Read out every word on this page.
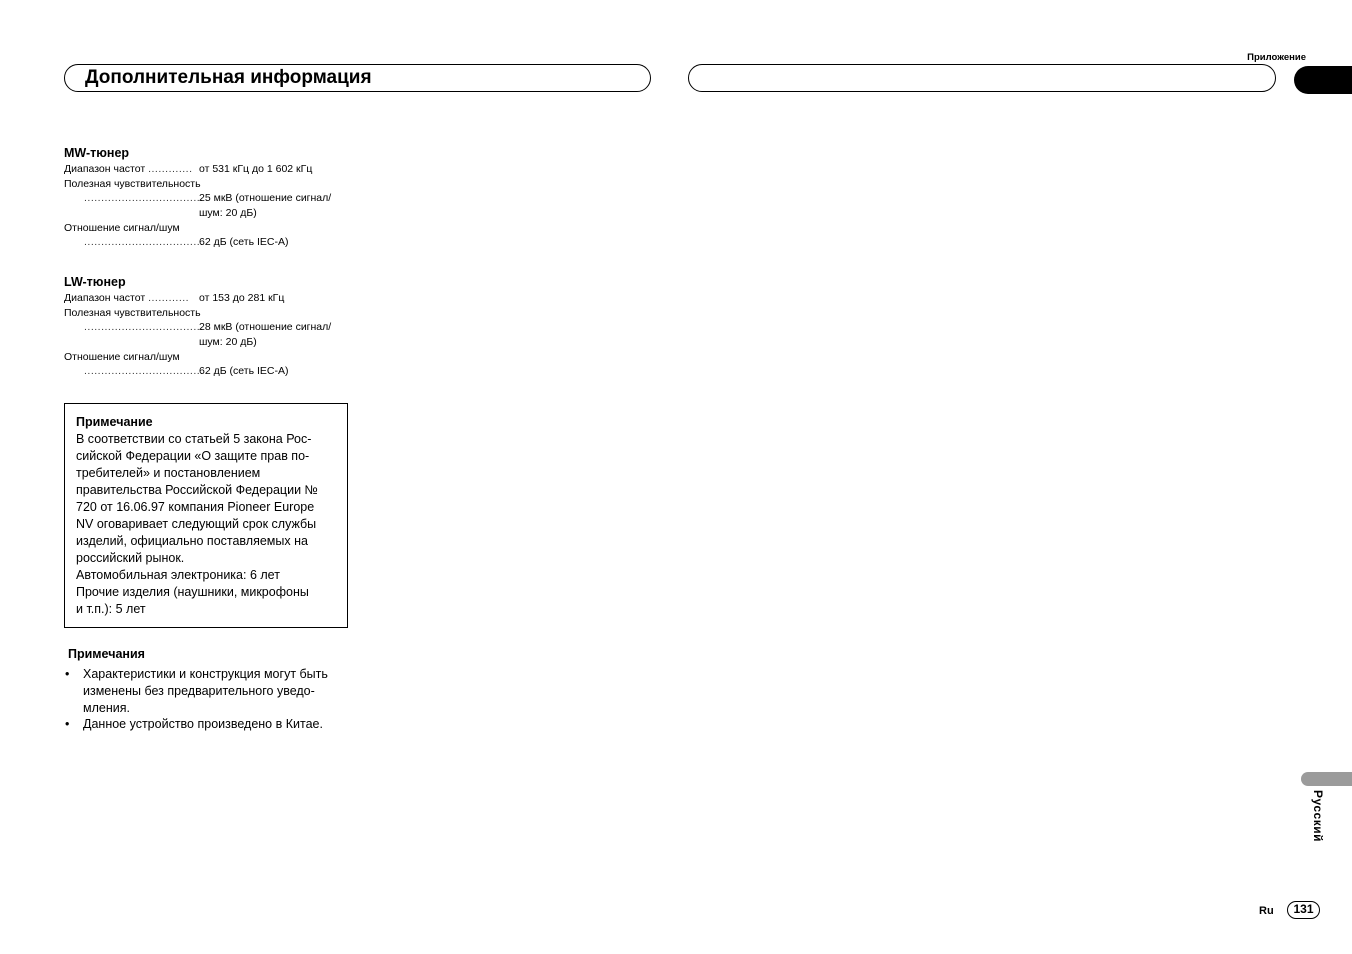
Приложение
Дополнительная информация
MW-тюнер
Диапазон частот ............. от 531 кГц до 1 602 кГц
Полезная чувствительность
...................................
25 мкВ (отношение сигнал/
шум: 20 дБ)
Отношение сигнал/шум
...................................
62 дБ (сеть IEC-A)
LW-тюнер
Диапазон частот ............ от 153 до 281 кГц
Полезная чувствительность
...................................
28 мкВ (отношение сигнал/
шум: 20 дБ)
Отношение сигнал/шум
...................................
62 дБ (сеть IEC-A)
Примечание
В соответствии со статьей 5 закона Рос-
сийской Федерации «О защите прав по-
требителей» и постановлением
правительства Российской Федерации №
720 от 16.06.97 компания Pioneer Europe
NV оговаривает следующий срок службы
изделий, официально поставляемых на
российский рынок.
Автомобильная электроника: 6 лет
Прочие изделия (наушники, микрофоны
и т.п.): 5 лет
Примечания
• Характеристики и конструкция могут быть
изменены без предварительного уведо-
мления.
• Данное устройство произведено в Китае.
Русский
Ru	131
